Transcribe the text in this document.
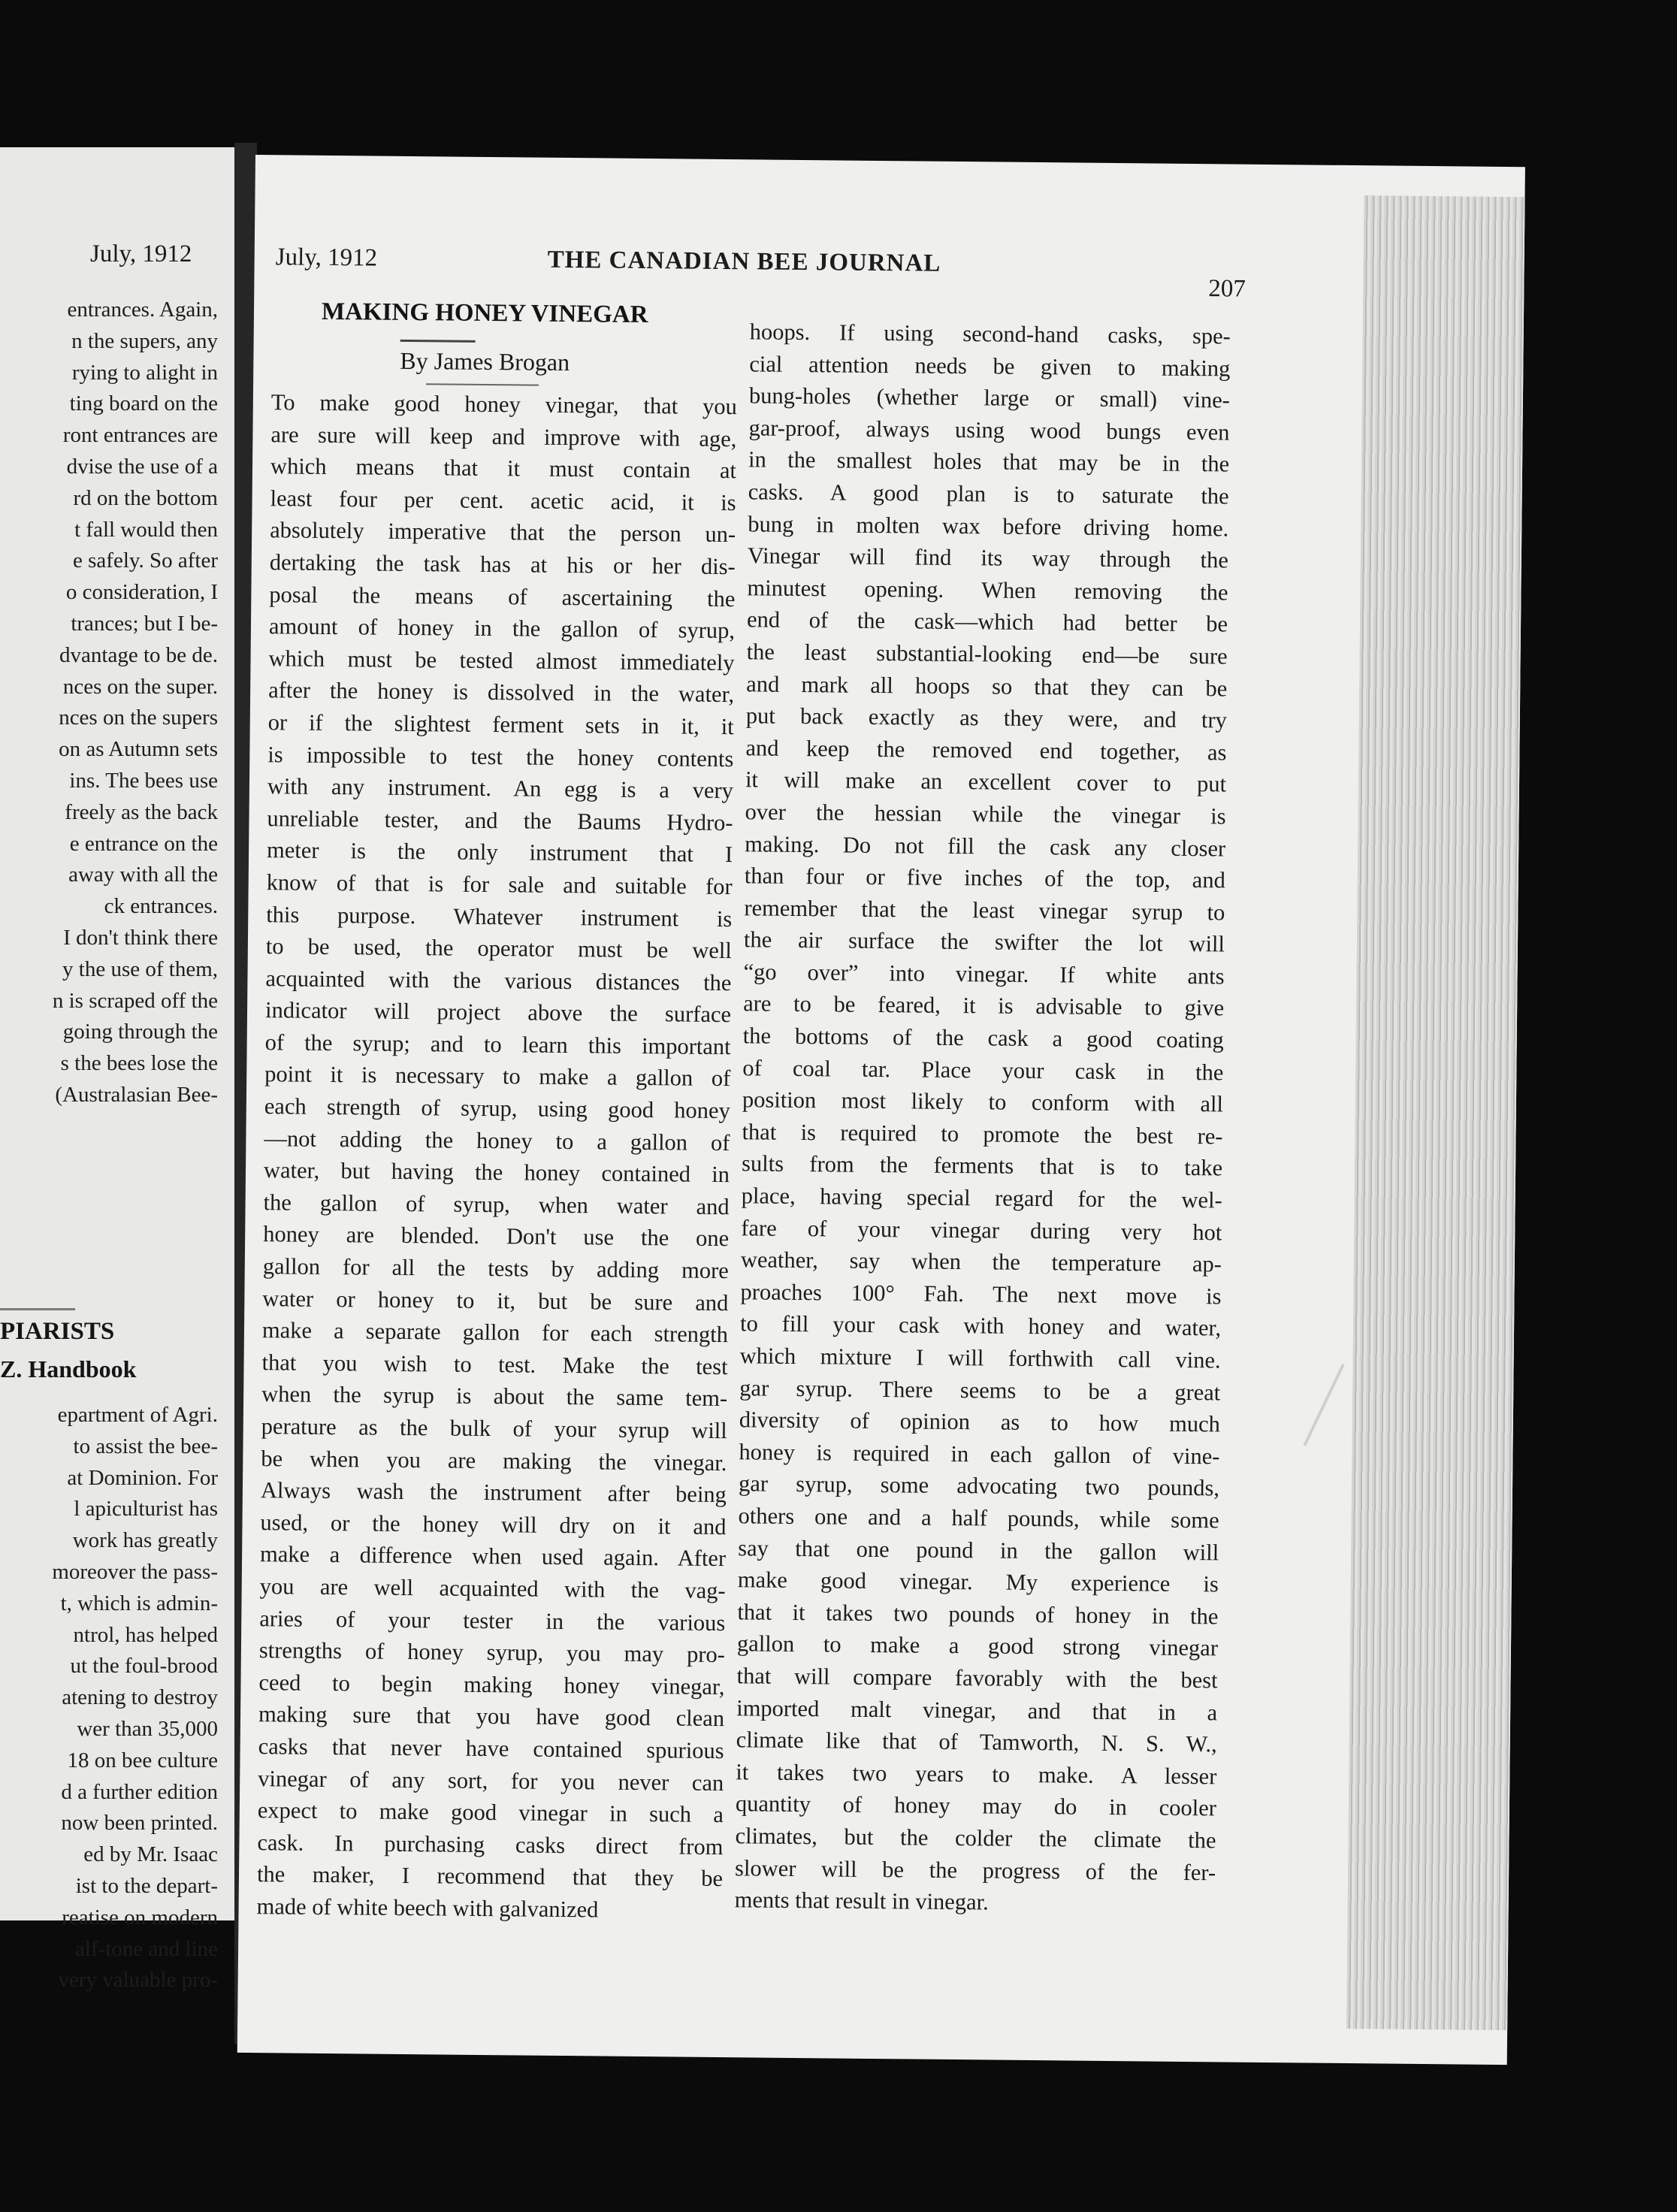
July, 1912
entrances. Again,
n the supers, any
rying to alight in
ting board on the
ront entrances are
dvise the use of a
rd on the bottom
t fall would then
e safely. So after
o consideration, I
trances; but I be-
dvantage to be de.
nces on the super.
nces on the supers
on as Autumn sets
ins. The bees use
freely as the back
e entrance on the
away with all the
ck entrances.
I don't think there
y the use of them,
n is scraped off the
going through the
s the bees lose the
(Australasian Bee-
PIARISTS
Z. Handbook
epartment of Agri.
to assist the bee-
at Dominion. For
l apiculturist has
work has greatly
moreover the pass-
t, which is admin-
ntrol, has helped
ut the foul-brood
atening to destroy
wer than 35,000
18 on bee culture
d a further edition
now been printed.
ed by Mr. Isaac
ist to the depart-
reatise on modern
alf-tone and line
very valuable pro-
July, 1912	THE CANADIAN BEE JOURNAL
207
MAKING HONEY VINEGAR
By James Brogan
To make good honey vinegar, that you
are sure will keep and improve with age,
which means that it must contain at
least four per cent. acetic acid, it is
absolutely imperative that the person un-
dertaking the task has at his or her dis-
posal the means of ascertaining the
amount of honey in the gallon of syrup,
which must be tested almost immediately
after the honey is dissolved in the water,
or if the slightest ferment sets in it, it
is impossible to test the honey contents
with any instrument. An egg is a very
unreliable tester, and the Baums Hydro-
meter is the only instrument that I
know of that is for sale and suitable for
this purpose. Whatever instrument is
to be used, the operator must be well
acquainted with the various distances the
indicator will project above the surface
of the syrup; and to learn this important
point it is necessary to make a gallon of
each strength of syrup, using good honey
—not adding the honey to a gallon of
water, but having the honey contained in
the gallon of syrup, when water and
honey are blended. Don't use the one
gallon for all the tests by adding more
water or honey to it, but be sure and
make a separate gallon for each strength
that you wish to test. Make the test
when the syrup is about the same tem-
perature as the bulk of your syrup will
be when you are making the vinegar.
Always wash the instrument after being
used, or the honey will dry on it and
make a difference when used again. After
you are well acquainted with the vag-
aries of your tester in the various
strengths of honey syrup, you may pro-
ceed to begin making honey vinegar,
making sure that you have good clean
casks that never have contained spurious
vinegar of any sort, for you never can
expect to make good vinegar in such a
cask. In purchasing casks direct from
the maker, I recommend that they be
made of white beech with galvanized
hoops. If using second-hand casks, spe-
cial attention needs be given to making
bung-holes (whether large or small) vine-
gar-proof, always using wood bungs even
in the smallest holes that may be in the
casks. A good plan is to saturate the
bung in molten wax before driving home.
Vinegar will find its way through the
minutest opening. When removing the
end of the cask—which had better be
the least substantial-looking end—be sure
and mark all hoops so that they can be
put back exactly as they were, and try
and keep the removed end together, as
it will make an excellent cover to put
over the hessian while the vinegar is
making. Do not fill the cask any closer
than four or five inches of the top, and
remember that the least vinegar syrup to
the air surface the swifter the lot will
“go over” into vinegar. If white ants
are to be feared, it is advisable to give
the bottoms of the cask a good coating
of coal tar. Place your cask in the
position most likely to conform with all
that is required to promote the best re-
sults from the ferments that is to take
place, having special regard for the wel-
fare of your vinegar during very hot
weather, say when the temperature ap-
proaches 100° Fah. The next move is
to fill your cask with honey and water,
which mixture I will forthwith call vine.
gar syrup. There seems to be a great
diversity of opinion as to how much
honey is required in each gallon of vine-
gar syrup, some advocating two pounds,
others one and a half pounds, while some
say that one pound in the gallon will
make good vinegar. My experience is
that it takes two pounds of honey in the
gallon to make a good strong vinegar
that will compare favorably with the best
imported malt vinegar, and that in a
climate like that of Tamworth, N. S. W.,
it takes two years to make. A lesser
quantity of honey may do in cooler
climates, but the colder the climate the
slower will be the progress of the fer-
ments that result in vinegar.
